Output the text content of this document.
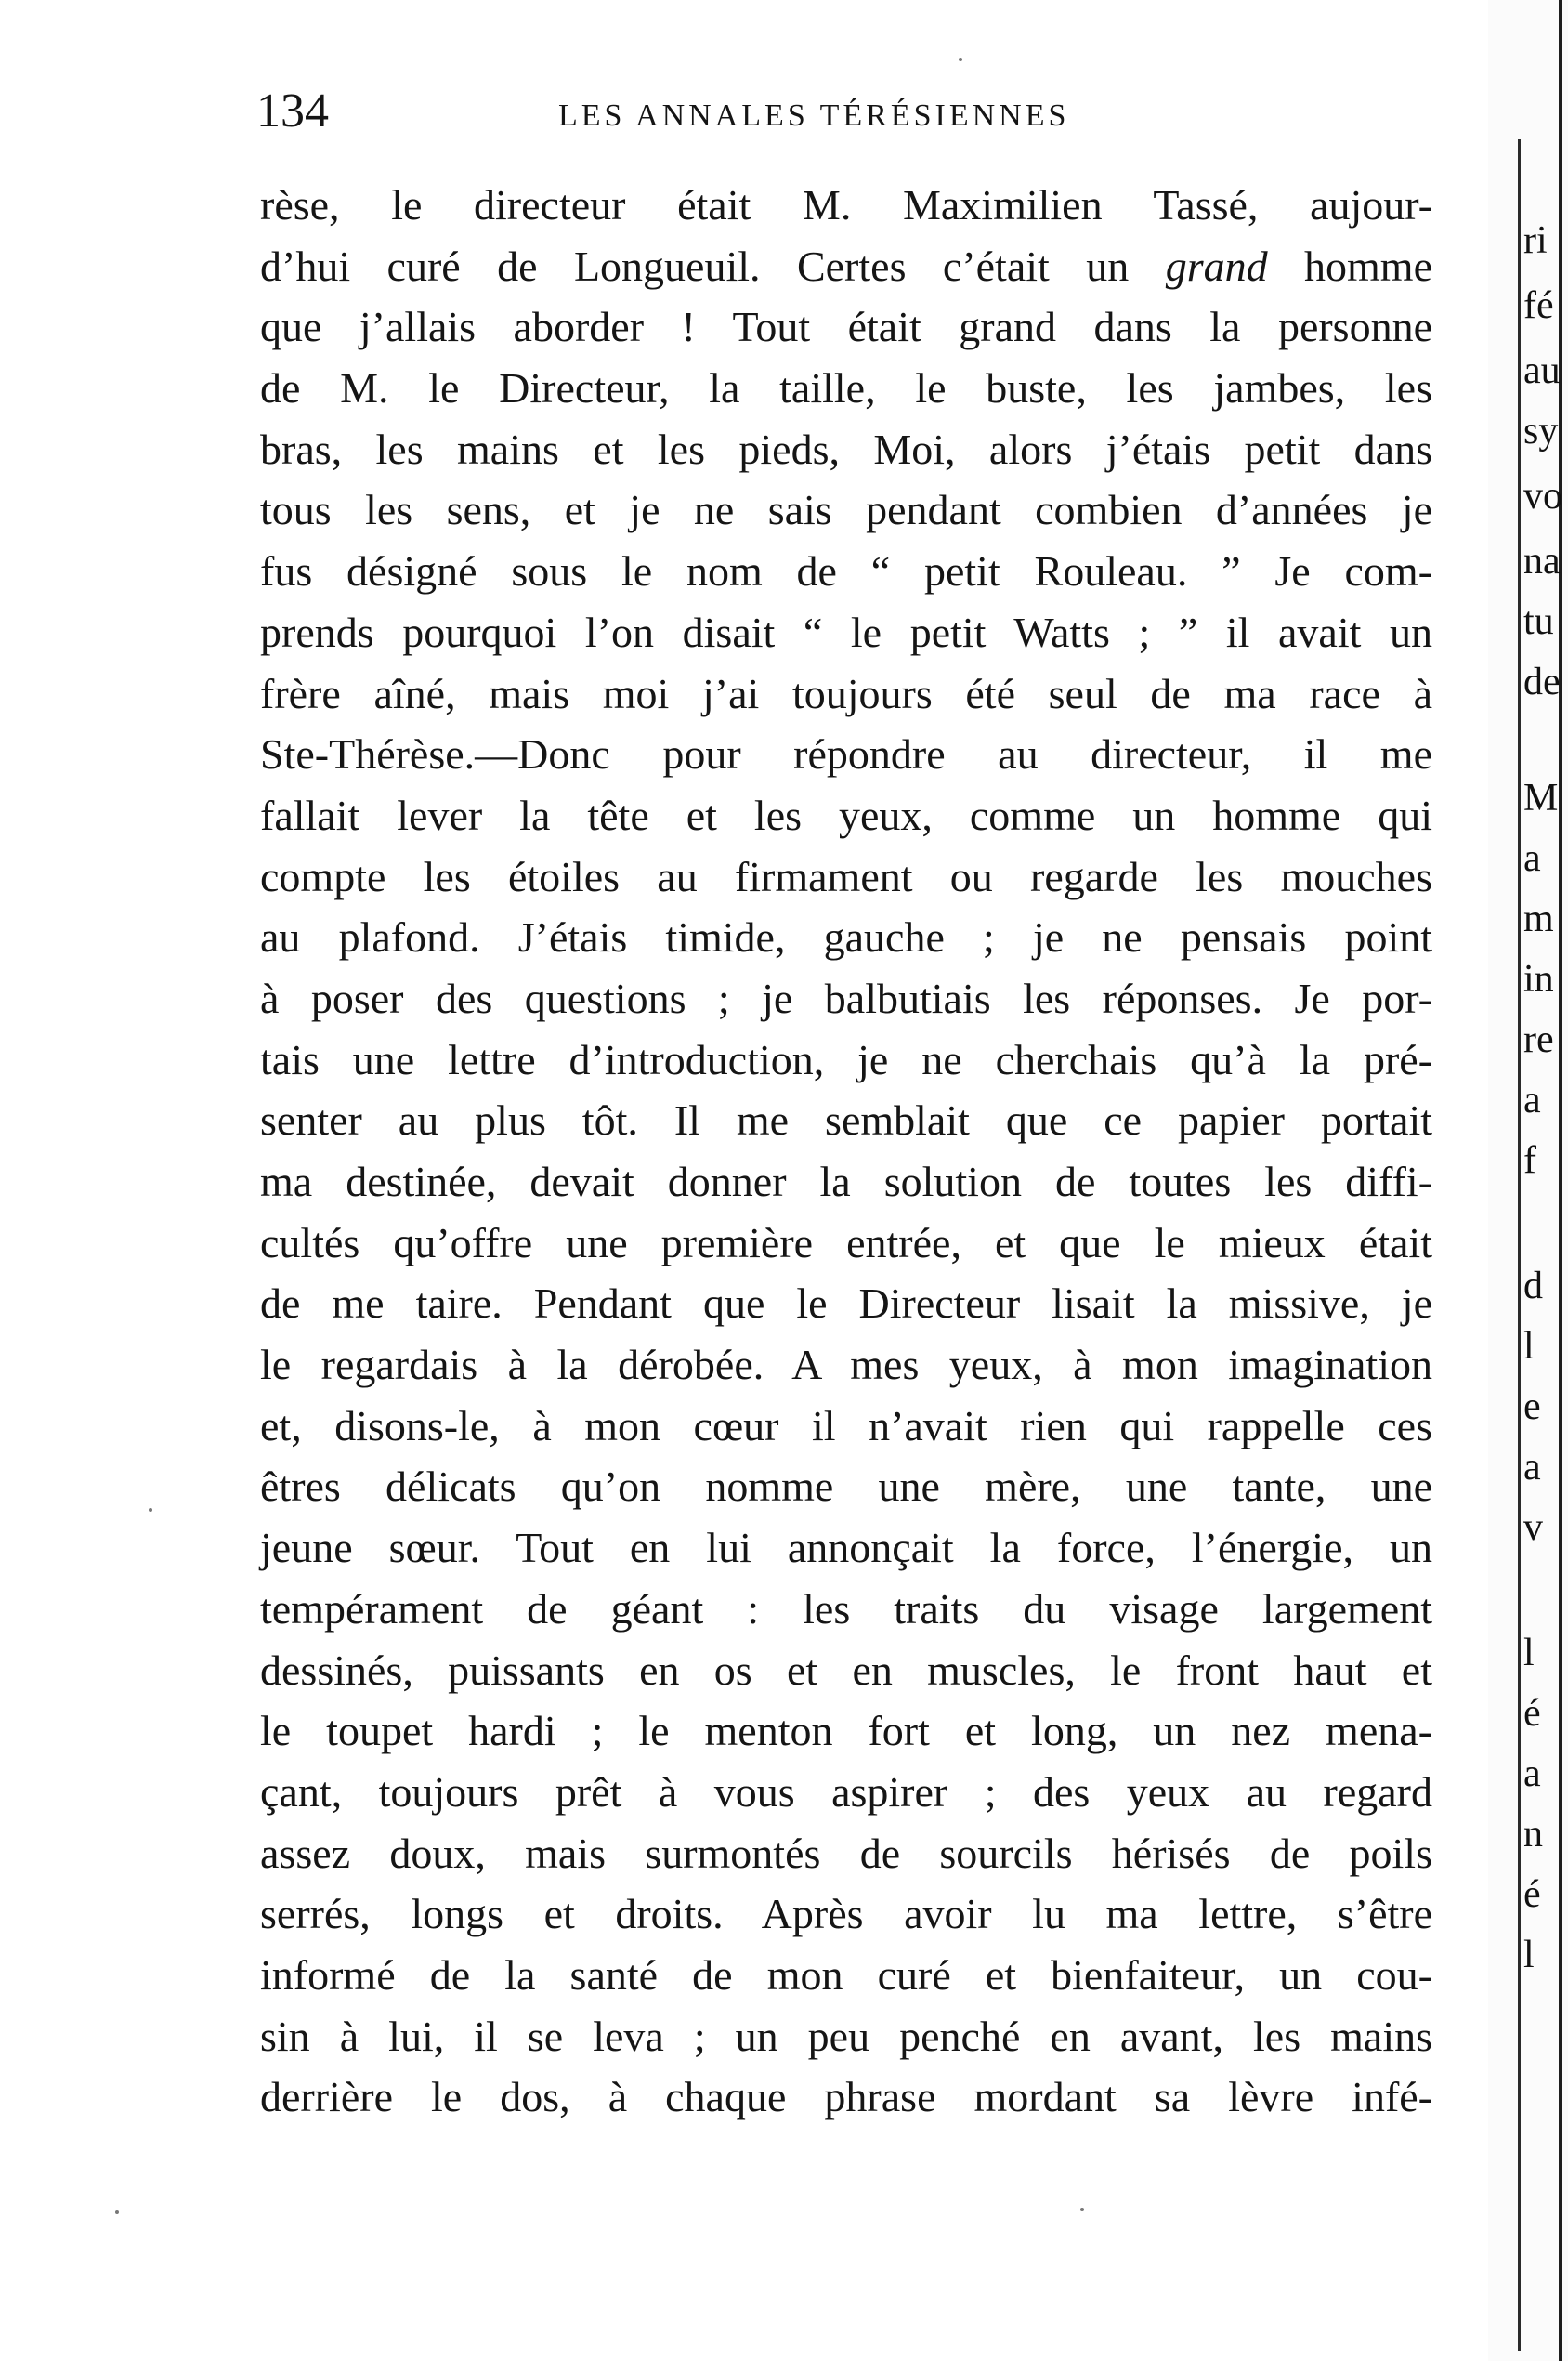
134	LES ANNALES TÉRÉSIENNES
rèse, le directeur était M. Maximilien Tassé, aujour-
d’hui curé de Longueuil. Certes c’était un grand homme
que j’allais aborder ! Tout était grand dans la personne
de M. le Directeur, la taille, le buste, les jambes, les
bras, les mains et les pieds, Moi, alors j’étais petit dans
tous les sens, et je ne sais pendant combien d’années je
fus désigné sous le nom de “ petit Rouleau. ” Je com-
prends pourquoi l’on disait “ le petit Watts ; ” il avait un
frère aîné, mais moi j’ai toujours été seul de ma race à
Ste-Thérèse.—Donc pour répondre au directeur, il me
fallait lever la tête et les yeux, comme un homme qui
compte les étoiles au firmament ou regarde les mouches
au plafond. J’étais timide, gauche ; je ne pensais point
à poser des questions ; je balbutiais les réponses. Je por-
tais une lettre d’introduction, je ne cherchais qu’à la pré-
senter au plus tôt. Il me semblait que ce papier portait
ma destinée, devait donner la solution de toutes les diffi-
cultés qu’offre une première entrée, et que le mieux était
de me taire. Pendant que le Directeur lisait la missive, je
le regardais à la dérobée. A mes yeux, à mon imagination
et, disons-le, à mon cœur il n’avait rien qui rappelle ces
êtres délicats qu’on nomme une mère, une tante, une
jeune sœur. Tout en lui annonçait la force, l’énergie, un
tempérament de géant : les traits du visage largement
dessinés, puissants en os et en muscles, le front haut et
le toupet hardi ; le menton fort et long, un nez mena-
çant, toujours prêt à vous aspirer ; des yeux au regard
assez doux, mais surmontés de sourcils hérisés de poils
serrés, longs et droits. Après avoir lu ma lettre, s’être
informé de la santé de mon curé et bienfaiteur, un cou-
sin à lui, il se leva ; un peu penché en avant, les mains
derrière le dos, à chaque phrase mordant sa lèvre infé-
ri
fé
au
sy
vo
na
tu
de
M
a
m
in
re
a
f
d
l
e
a
v
l
é
a
n
é
l
